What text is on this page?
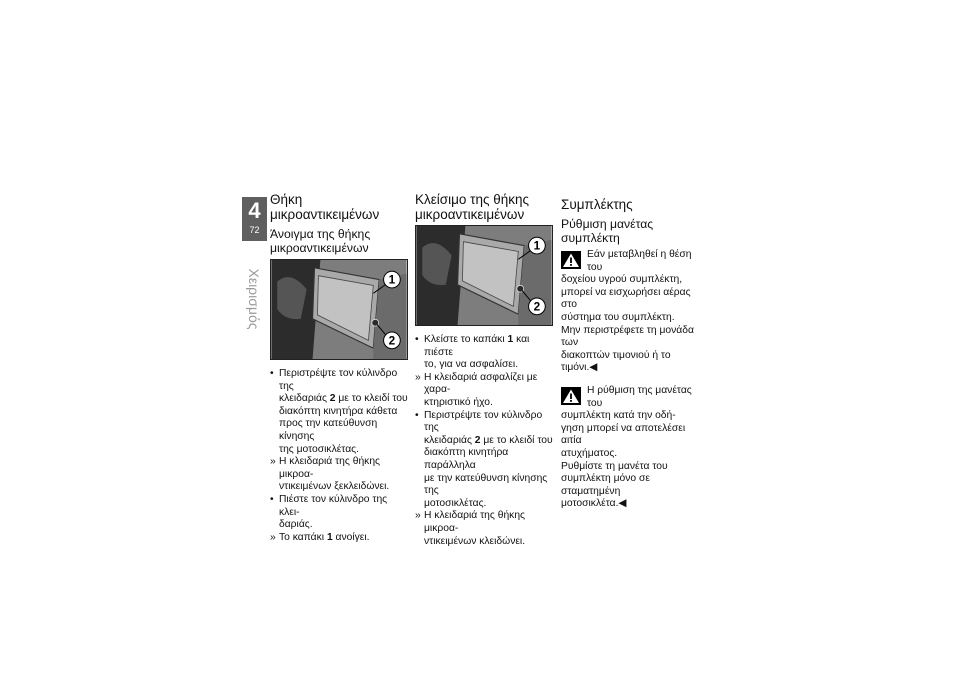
4
72
Χειρισμός
Θήκη μικροαντικειμένων
Άνοιγμα της θήκης
μικροαντικειμένων
1
2

• Περιστρέψτε τον κύλινδρο της
κλειδαριάς 2 με το κλειδί του
διακόπτη κινητήρα κάθετα
προς την κατεύθυνση κίνησης
της μοτοσικλέτας.

» Η κλειδαριά της θήκης μικροα-
ντικειμένων ξεκλειδώνει.

• Πιέστε τον κύλινδρο της κλει-
δαριάς.

» Το καπάκι 1 ανοίγει.

Κλείσιμο της θήκης
μικροαντικειμένων
1
2

• Κλείστε το καπάκι 1 και πιέστε
το, για να ασφαλίσει.

» Η κλειδαριά ασφαλίζει με χαρα-
κτηριστικό ήχο.

• Περιστρέψτε τον κύλινδρο της
κλειδαριάς 2 με το κλειδί του
διακόπτη κινητήρα παράλληλα
με την κατεύθυνση κίνησης της
μοτοσικλέτας.

» Η κλειδαριά της θήκης μικροα-
ντικειμένων κλειδώνει.

Συμπλέκτης
Ρύθμιση μανέτας συμπλέκτη

Εάν μεταβληθεί η θέση του
δοχείου υγρού συμπλέκτη,
μπορεί να εισχωρήσει αέρας στο
σύστημα του συμπλέκτη.
Μην περιστρέφετε τη μονάδα των
διακοπτών τιμονιού ή το τιμόνι.◀

Η ρύθμιση της μανέτας του
συμπλέκτη κατά την οδή-
γηση μπορεί να αποτελέσει αιτία
ατυχήματος.
Ρυθμίστε τη μανέτα του
συμπλέκτη μόνο σε σταματημένη
μοτοσικλέτα.◀
